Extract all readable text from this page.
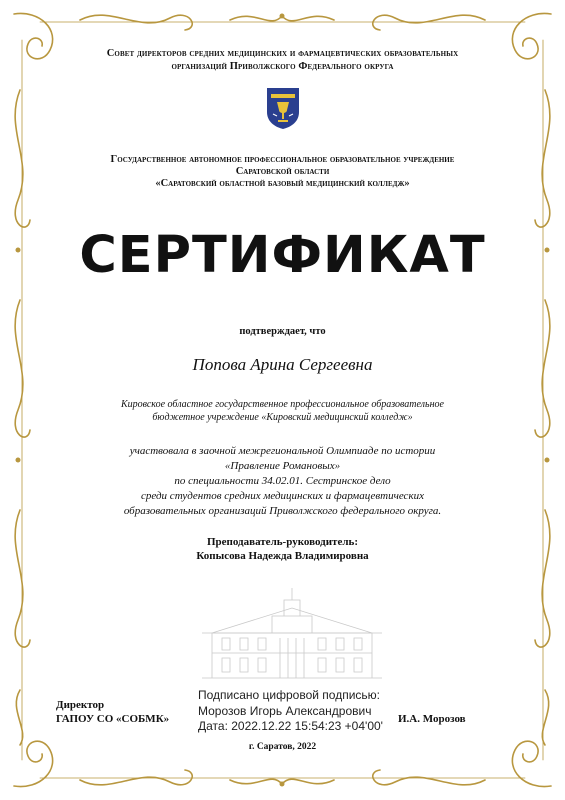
Совет директоров средних медицинских и фармацевтических образовательных
организаций Приволжского Федерального округа
Государственное автономное профессиональное образовательное учреждение
Саратовской области
«Саратовский областной базовый медицинский колледж»
СЕРТИФИКАТ
подтверждает, что
Попова Арина Сергеевна
Кировское областное государственное профессиональное образовательное
бюджетное учреждение «Кировский медицинский колледж»
участвовала в заочной межрегиональной Олимпиаде по истории
«Правление Романовых»
по специальности 34.02.01. Сестринское дело
среди студентов средних медицинских и фармацевтических
образовательных организаций Приволжского федерального округа.
Преподаватель-руководитель:
Копысова Надежда Владимировна
Директор
ГАПОУ СО «СОБМК»
Подписано цифровой подписью:
Морозов Игорь Александрович
Дата: 2022.12.22 15:54:23 +04'00'	И.А. Морозов
г. Саратов, 2022
